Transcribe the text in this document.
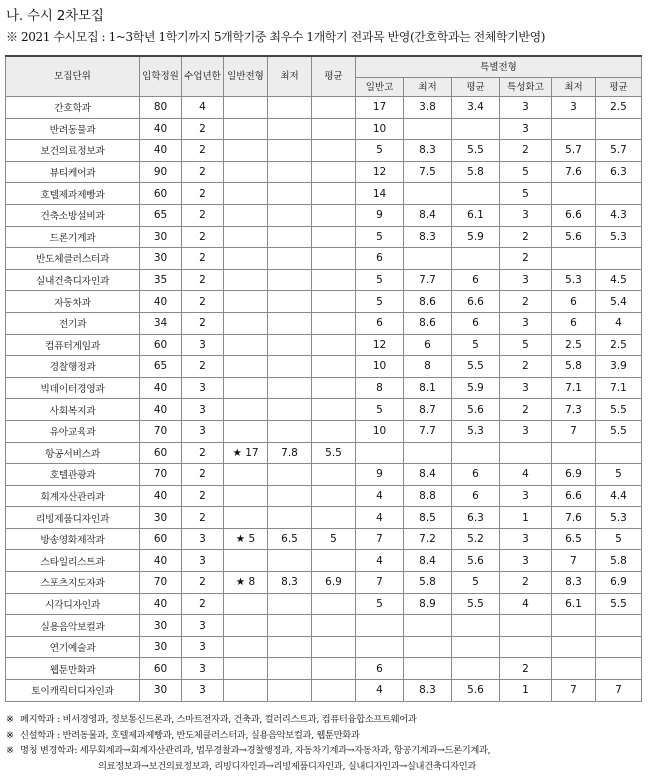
나. 수시 2차모집
※ 2021 수시모집 : 1~3학년 1학기까지 5개학기중 최우수 1개학기 전과목 반영(간호학과는 전체학기반영)
모집단위	입학정원	수업년한	일반전형	최저	평균	특별전형					
						일반고	최저	평균	특성화고	최저	평균
간호학과	80	4				17	3.8	3.4	3	3	2.5
반려동물과	40	2				10			3		
보건의료정보과	40	2				5	8.3	5.5	2	5.7	5.7
뷰티케어과	90	2				12	7.5	5.8	5	7.6	6.3
호텔제과제빵과	60	2				14			5		
건축소방설비과	65	2				9	8.4	6.1	3	6.6	4.3
드론기계과	30	2				5	8.3	5.9	2	5.6	5.3
반도체클러스터과	30	2				6			2		
실내건축디자인과	35	2				5	7.7	6	3	5.3	4.5
자동차과	40	2				5	8.6	6.6	2	6	5.4
전기과	34	2				6	8.6	6	3	6	4
컴퓨터게임과	60	3				12	6	5	5	2.5	2.5
경찰행정과	65	2				10	8	5.5	2	5.8	3.9
빅데이터경영과	40	3				8	8.1	5.9	3	7.1	7.1
사회복지과	40	3				5	8.7	5.6	2	7.3	5.5
유아교육과	70	3				10	7.7	5.3	3	7	5.5
항공서비스과	60	2	★ 17	7.8	5.5						
호텔관광과	70	2				9	8.4	6	4	6.9	5
회계자산관리과	40	2				4	8.8	6	3	6.6	4.4
리빙제품디자인과	30	2				4	8.5	6.3	1	7.6	5.3
방송영화제작과	60	3	★ 5	6.5	5	7	7.2	5.2	3	6.5	5
스타일리스트과	40	3				4	8.4	5.6	3	7	5.8
스포츠지도자과	70	2	★ 8	8.3	6.9	7	5.8	5	2	8.3	6.9
시각디자인과	40	2				5	8.9	5.5	4	6.1	5.5
실용음악보컬과	30	3									
연기예술과	30	3									
웹툰만화과	60	3				6			2		
토이캐릭터디자인과	30	3				4	8.3	5.6	1	7	7
※ 폐지학과 : 비서경영과, 정보통신드론과, 스마트전자과, 건축과, 컬러리스트과, 컴퓨터융합소프트웨어과
※ 신설학과 : 반려동물과, 호텔제과제빵과, 반도체클러스터과, 실용음악보컬과, 웹툰만화과
※ 명칭 변경학과: 세무회계과→회계자산관리과, 법무경찰과→경찰행정과, 자동차기계과→자동차과, 항공기계과→드론기계과,
의료정보과→보건의료정보과, 리빙디자인과→리빙제품디자인과, 실내디자인과→실내건축디자인과
